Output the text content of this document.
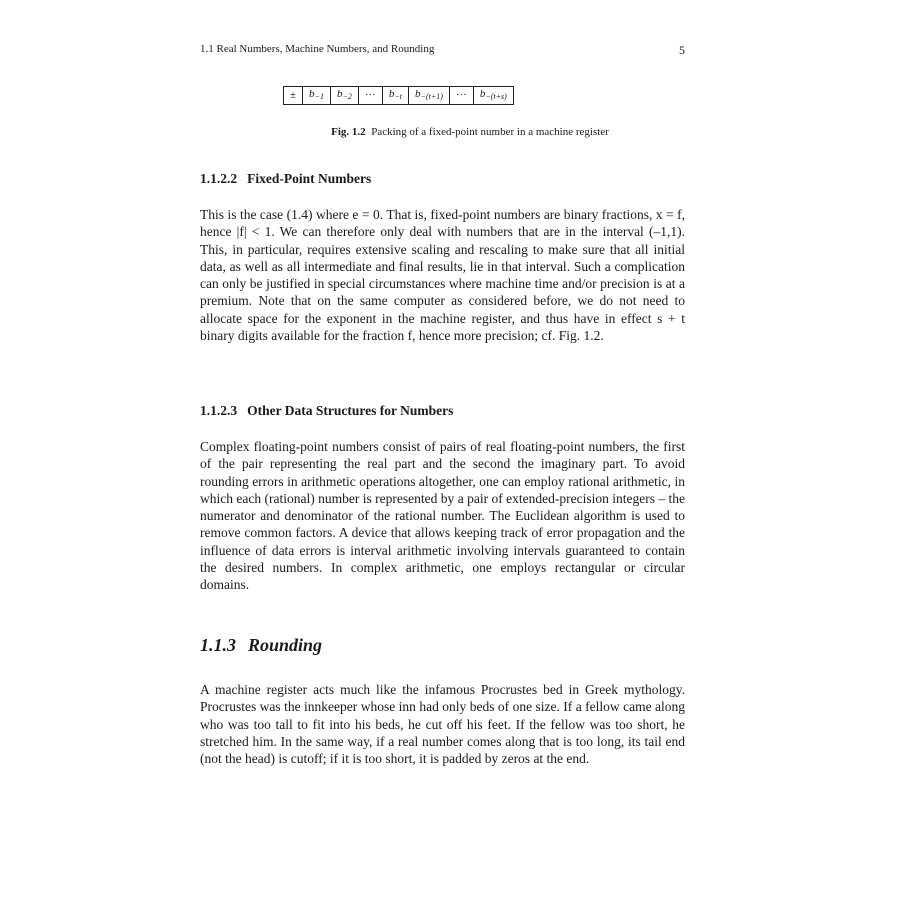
1.1 Real Numbers, Machine Numbers, and Rounding	5
±	$b_{-1}$	$b_{-2}$	···	$b_{-t}$	$b_{-(t+1)}$	···	$b_{-(t+s)}$
Fig. 1.2 Packing of a fixed-point number in a machine register
1.1.2.2 Fixed-Point Numbers

This is the case (1.4) where e = 0. That is, fixed-point numbers are binary fractions, x = f, hence |f| < 1. We can therefore only deal with numbers that are in the interval (–1,1). This, in particular, requires extensive scaling and rescaling to make sure that all initial data, as well as all intermediate and final results, lie in that interval. Such a complication can only be justified in special circumstances where machine time and/or precision is at a premium. Note that on the same computer as considered before, we do not need to allocate space for the exponent in the machine register, and thus have in effect s + t binary digits available for the fraction f, hence more precision; cf. Fig. 1.2.

1.1.2.3 Other Data Structures for Numbers

Complex floating-point numbers consist of pairs of real floating-point numbers, the first of the pair representing the real part and the second the imaginary part. To avoid rounding errors in arithmetic operations altogether, one can employ rational arithmetic, in which each (rational) number is represented by a pair of extended-precision integers – the numerator and denominator of the rational number. The Euclidean algorithm is used to remove common factors. A device that allows keeping track of error propagation and the influence of data errors is interval arithmetic involving intervals guaranteed to contain the desired numbers. In complex arithmetic, one employs rectangular or circular domains.

1.1.3 Rounding

A machine register acts much like the infamous Procrustes bed in Greek mythology. Procrustes was the innkeeper whose inn had only beds of one size. If a fellow came along who was too tall to fit into his beds, he cut off his feet. If the fellow was too short, he stretched him. In the same way, if a real number comes along that is too long, its tail end (not the head) is cutoff; if it is too short, it is padded by zeros at the end.
